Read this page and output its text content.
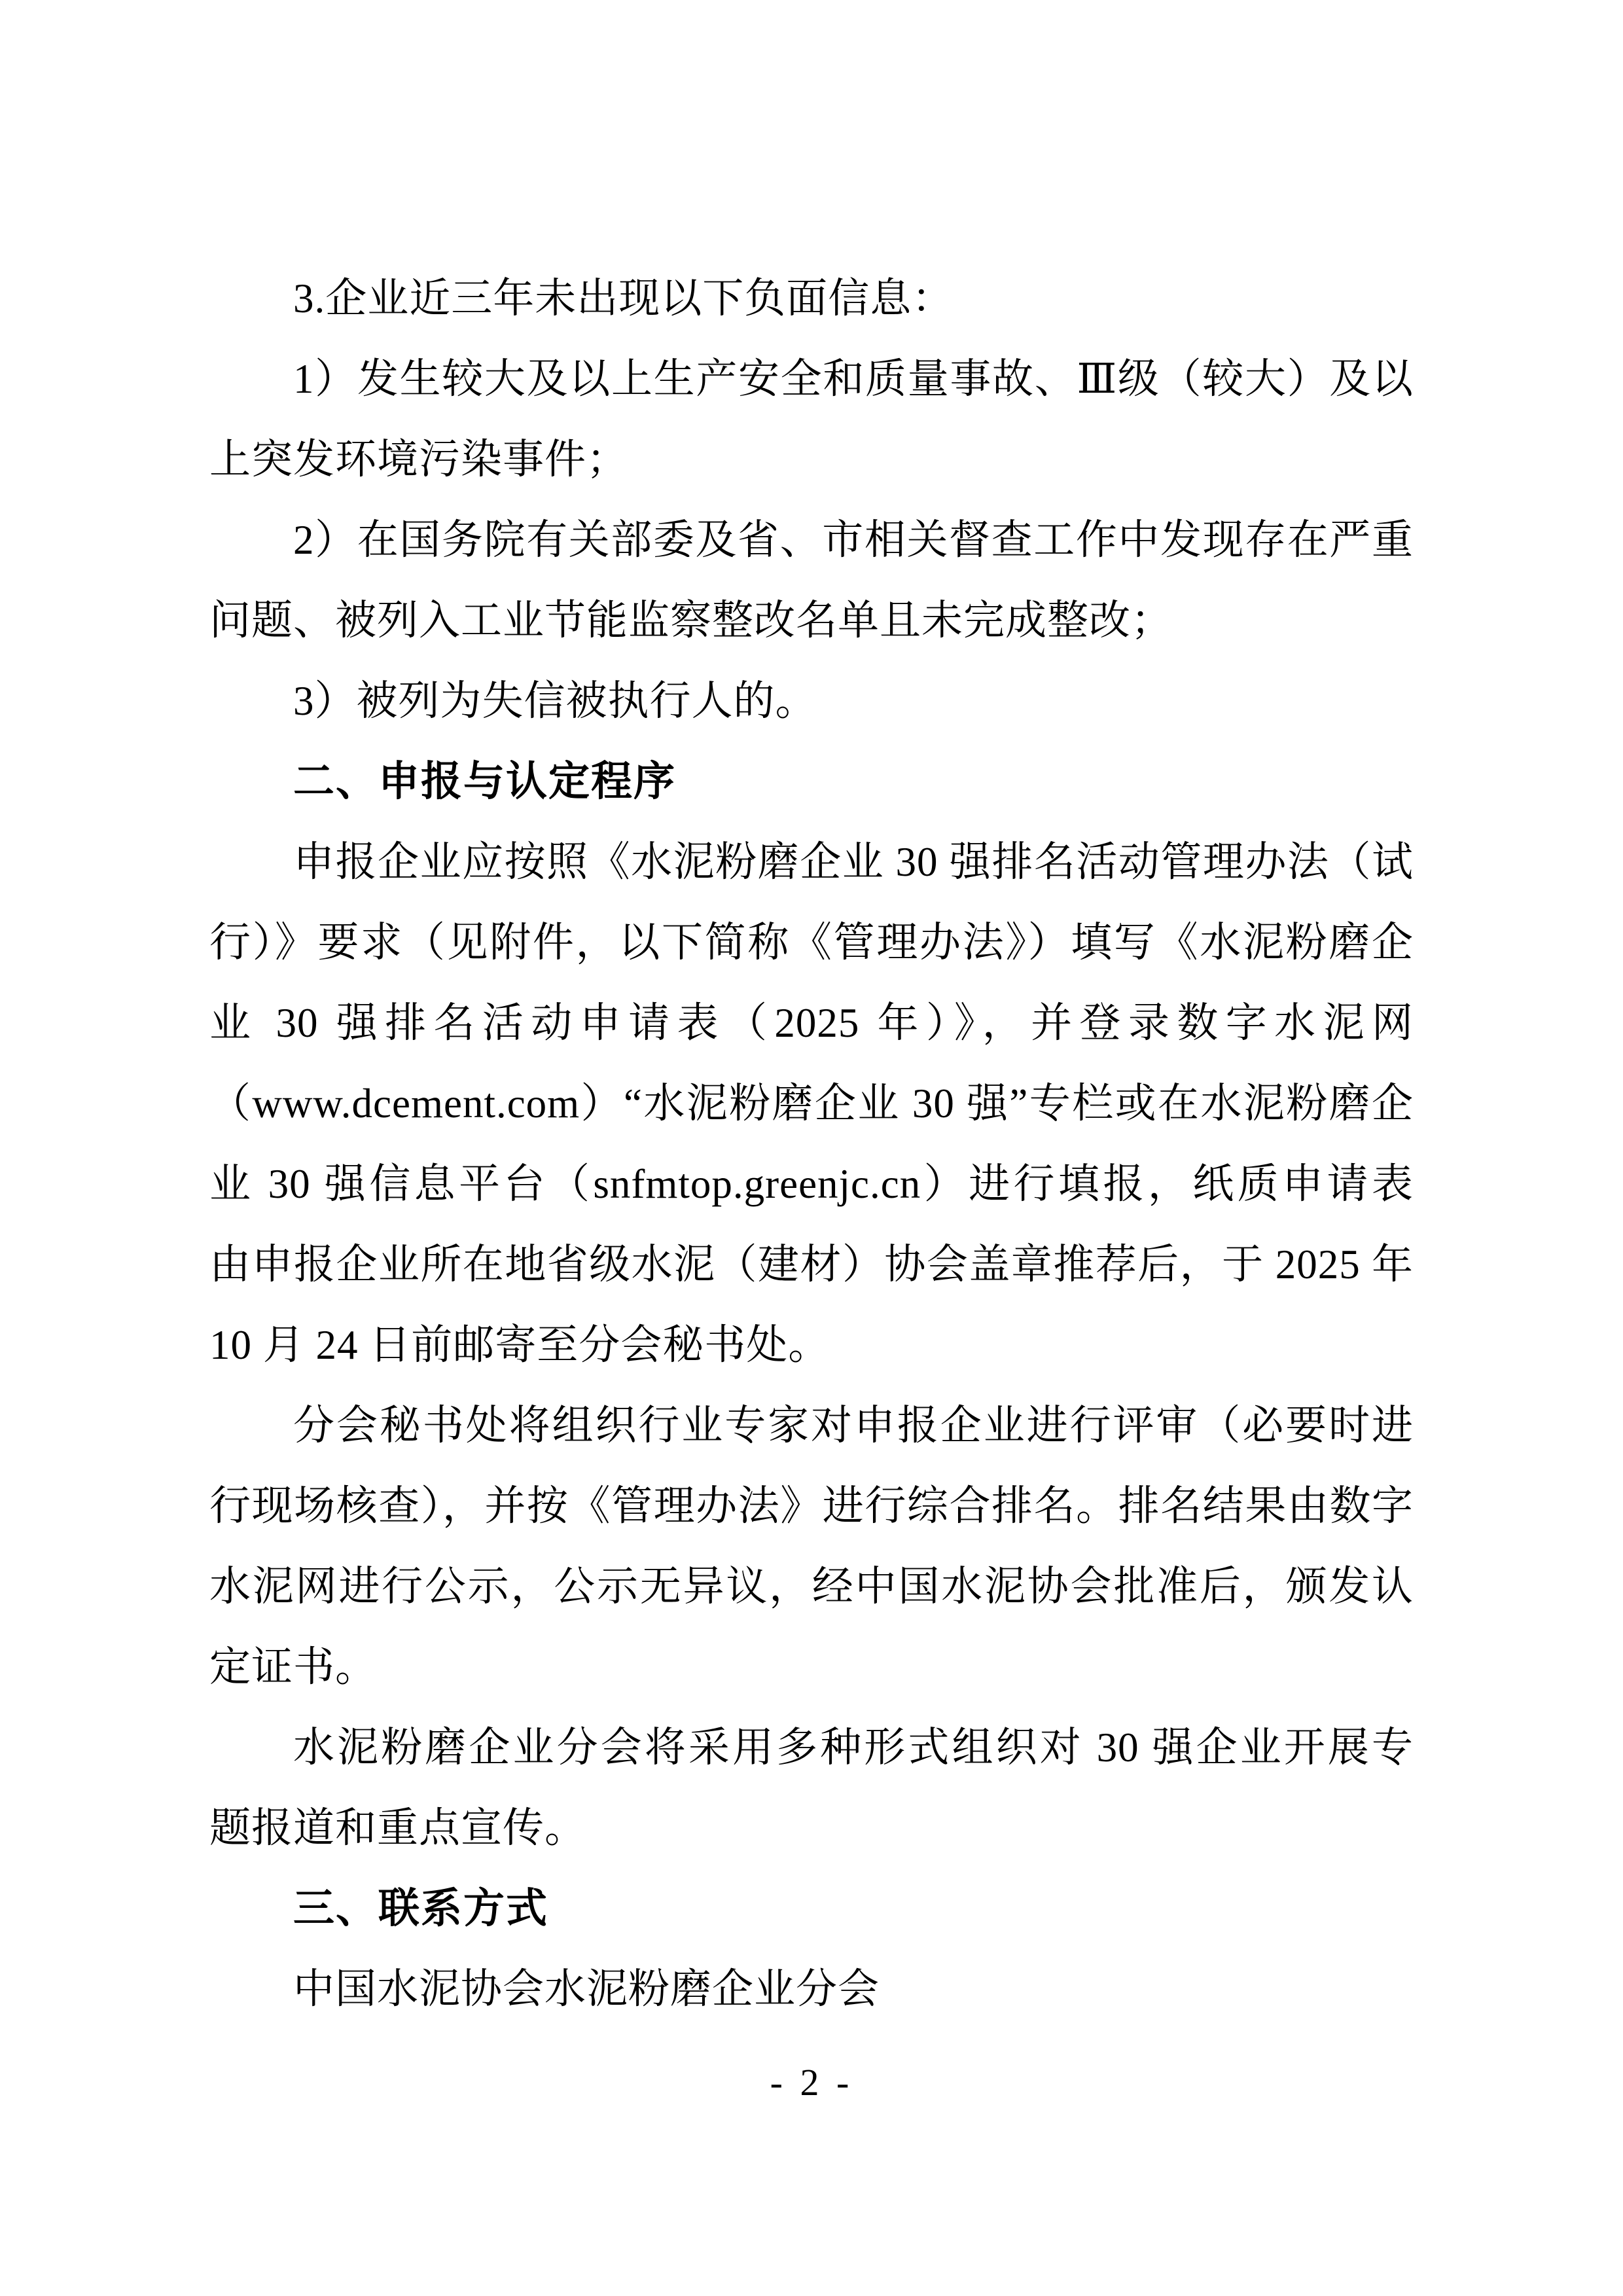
3.企业近三年未出现以下负面信息：
1）发生较大及以上生产安全和质量事故、Ⅲ级（较大）及以
上突发环境污染事件；
2）在国务院有关部委及省、市相关督查工作中发现存在严重
问题、被列入工业节能监察整改名单且未完成整改；
3）被列为失信被执行人的。
二、申报与认定程序
申报企业应按照《水泥粉磨企业 30 强排名活动管理办法（试
行）》要求（见附件，以下简称《管理办法》）填写《水泥粉磨企
业 30 强排名活动申请表（2025 年）》，并登录数字水泥网
（www.dcement.com）“水泥粉磨企业 30 强”专栏或在水泥粉磨企
业 30 强信息平台（snfmtop.greenjc.cn）进行填报，纸质申请表
由申报企业所在地省级水泥（建材）协会盖章推荐后，于 2025 年
10 月 24 日前邮寄至分会秘书处。
分会秘书处将组织行业专家对申报企业进行评审（必要时进
行现场核查），并按《管理办法》进行综合排名。排名结果由数字
水泥网进行公示，公示无异议，经中国水泥协会批准后，颁发认
定证书。
水泥粉磨企业分会将采用多种形式组织对 30 强企业开展专
题报道和重点宣传。
三、联系方式
中国水泥协会水泥粉磨企业分会
- 2 -
